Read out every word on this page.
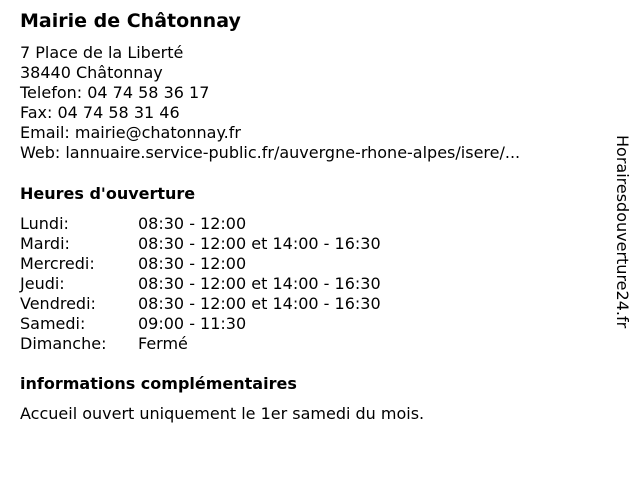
Mairie de Châtonnay
7 Place de la Liberté
38440 Châtonnay
Telefon: 04 74 58 36 17
Fax: 04 74 58 31 46
Email: mairie@chatonnay.fr
Web: lannuaire.service-public.fr/auvergne-rhone-alpes/isere/...
Heures d'ouverture
Lundi:	08:30 - 12:00
Mardi:	08:30 - 12:00 et 14:00 - 16:30
Mercredi:	08:30 - 12:00
Jeudi:	08:30 - 12:00 et 14:00 - 16:30
Vendredi:	08:30 - 12:00 et 14:00 - 16:30
Samedi:	09:00 - 11:30
Dimanche:	Fermé
informations complémentaires
Accueil ouvert uniquement le 1er samedi du mois.
Horairesdouverture24.fr
